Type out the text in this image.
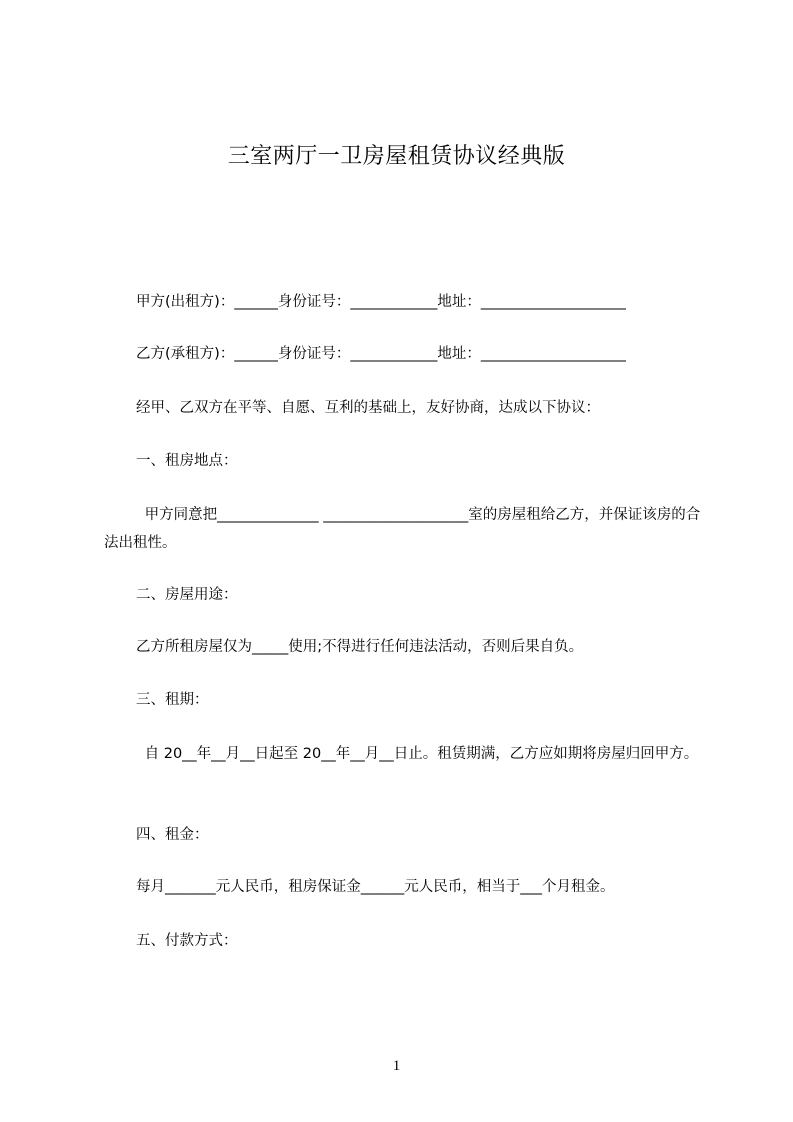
三室两厅一卫房屋租赁协议经典版
甲方(出租方)：______身份证号：____________地址：____________________
乙方(承租方)：______身份证号：____________地址：____________________
经甲、乙双方在平等、自愿、互利的基础上，友好协商，达成以下协议：
一、租房地点：
甲方同意把______________ ____________________室的房屋租给乙方，并保证该房的合法出租性。
二、房屋用途：
乙方所租房屋仅为_____使用;不得进行任何违法活动，否则后果自负。
三、租期：
自 20__年__月__日起至 20__年__月__日止。租赁期满，乙方应如期将房屋归回甲方。
四、租金：
每月_______元人民币，租房保证金______元人民币，相当于___个月租金。
五、付款方式：
1
